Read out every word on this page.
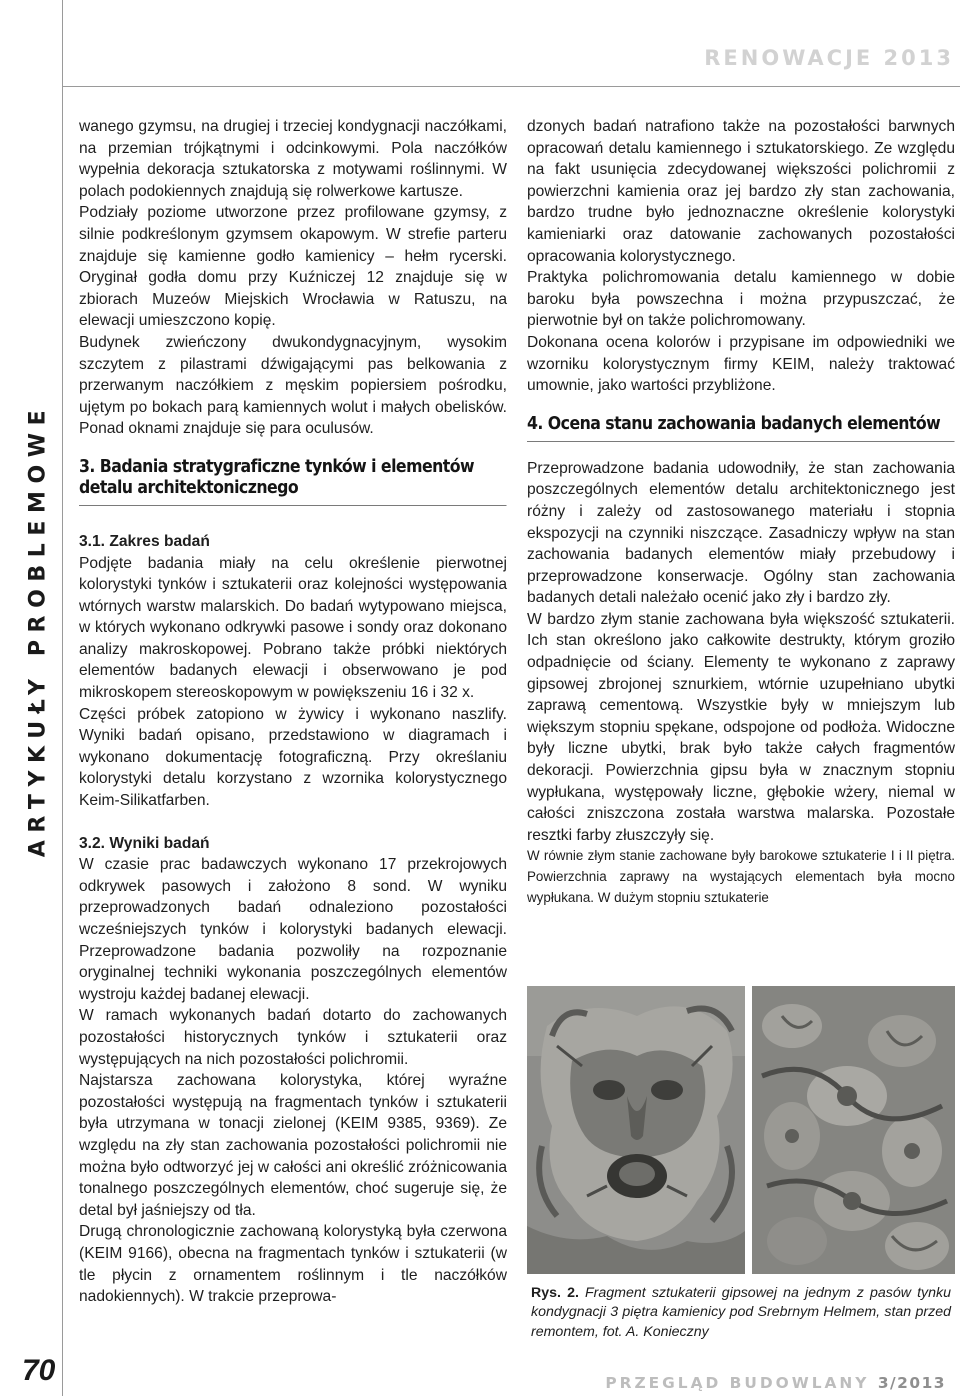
ARTYKUŁY PROBLEMOWE
70
RENOWACJE 2013

wanego gzymsu, na drugiej i trzeciej kondygnacji naczółkami, na przemian trójkątnymi i odcinkowymi. Pola naczółków wypełnia dekoracja sztukatorska z motywami roślinnymi. W polach podokiennych znajdują się rolwerkowe kartusze.

Podziały poziome utworzone przez profilowane gzymsy, z silnie podkreślonym gzymsem okapowym. W strefie parteru znajduje się kamienne godło kamienicy – hełm rycerski. Oryginał godła domu przy Kuźniczej 12 znajduje się w zbiorach Muzeów Miejskich Wrocławia w Ratuszu, na elewacji umieszczono kopię.

Budynek zwieńczony dwukondygnacyjnym, wysokim szczytem z pilastrami dźwigającymi pas belkowania z przerwanym naczółkiem z męskim popiersiem pośrodku, ujętym po bokach parą kamiennych wolut i małych obelisków. Ponad oknami znajduje się para oculusów.

3. Badania stratygraficzne tynków i elementów detalu architektonicznego

3.1. Zakres badań

Podjęte badania miały na celu określenie pierwotnej kolorystyki tynków i sztukaterii oraz kolejności występowania wtórnych warstw malarskich. Do badań wytypowano miejsca, w których wykonano odkrywki pasowe i sondy oraz dokonano analizy makroskopowej. Pobrano także próbki niektórych elementów badanych elewacji i obserwowano je pod mikroskopem stereoskopowym w powiększeniu 16 i 32 x.

Części próbek zatopiono w żywicy i wykonano naszlify. Wyniki badań opisano, przedstawiono w diagramach i wykonano dokumentację fotograficzną. Przy określaniu kolorystyki detalu korzystano z wzornika kolorystycznego Keim-Silikatfarben.

3.2. Wyniki badań

W czasie prac badawczych wykonano 17 przekrojowych odkrywek pasowych i założono 8 sond. W wyniku przeprowadzonych badań odnaleziono pozostałości wcześniejszych tynków i kolorystyki badanych elewacji. Przeprowadzone badania pozwoliły na rozpoznanie oryginalnej techniki wykonania poszczególnych elementów wystroju każdej badanej elewacji.

W ramach wykonanych badań dotarto do zachowanych pozostałości historycznych tynków i sztukaterii oraz występujących na nich pozostałości polichromii.

Najstarsza zachowana kolorystyka, której wyraźne pozostałości występują na fragmentach tynków i sztukaterii była utrzymana w tonacji zielonej (KEIM 9385, 9369). Ze względu na zły stan zachowania pozostałości polichromii nie można było odtworzyć jej w całości ani określić zróżnicowania tonalnego poszczególnych elementów, choć sugeruje się, że detal był jaśniejszy od tła.

Drugą chronologicznie zachowaną kolorystyką była czerwona (KEIM 9166), obecna na fragmentach tynków i sztukaterii (w tle płycin z ornamentem roślinnym i tle naczółków nadokiennych). W trakcie przeprowa-

dzonych badań natrafiono także na pozostałości barwnych opracowań detalu kamiennego i sztukatorskiego. Ze względu na fakt usunięcia zdecydowanej większości polichromii z powierzchni kamienia oraz jej bardzo zły stan zachowania, bardzo trudne było jednoznaczne określenie kolorystyki kamieniarki oraz datowanie zachowanych pozostałości opracowania kolorystycznego.

Praktyka polichromowania detalu kamiennego w dobie baroku była powszechna i można przypuszczać, że pierwotnie był on także polichromowany.

Dokonana ocena kolorów i przypisane im odpowiedniki we wzorniku kolorystycznym firmy KEIM, należy traktować umownie, jako wartości przybliżone.

4. Ocena stanu zachowania badanych elementów

Przeprowadzone badania udowodniły, że stan zachowania poszczególnych elementów detalu architektonicznego jest różny i zależy od zastosowanego materiału i stopnia ekspozycji na czynniki niszczące. Zasadniczy wpływ na stan zachowania badanych elementów miały przebudowy i przeprowadzone konserwacje. Ogólny stan zachowania badanych detali należało ocenić jako zły i bardzo zły.

W bardzo złym stanie zachowana była większość sztukaterii. Ich stan określono jako całkowite destrukty, którym groziło odpadnięcie od ściany. Elementy te wykonano z zaprawy gipsowej zbrojonej sznurkiem, wtórnie uzupełniano ubytki zaprawą cementową. Wszystkie były w mniejszym lub większym stopniu spękane, odspojone od podłoża. Widoczne były liczne ubytki, brak było także całych fragmentów dekoracji. Powierzchnia gipsu była w znacznym stopniu wypłukana, występowały liczne, głębokie wżery, niemal w całości zniszczona została warstwa malarska. Pozostałe resztki farby złuszczyły się.

W równie złym stanie zachowane były barokowe sztukaterie I i II piętra. Powierzchnia zaprawy na wystających elementach była mocno wypłukana. W dużym stopniu sztukaterie

Rys. 2. Fragment sztukaterii gipsowej na jednym z pasów tynku kondygnacji 3 piętra kamienicy pod Srebrnym Helmem, stan przed remontem, fot. A. Konieczny
PRZEGLĄD BUDOWLANY 3/2013
